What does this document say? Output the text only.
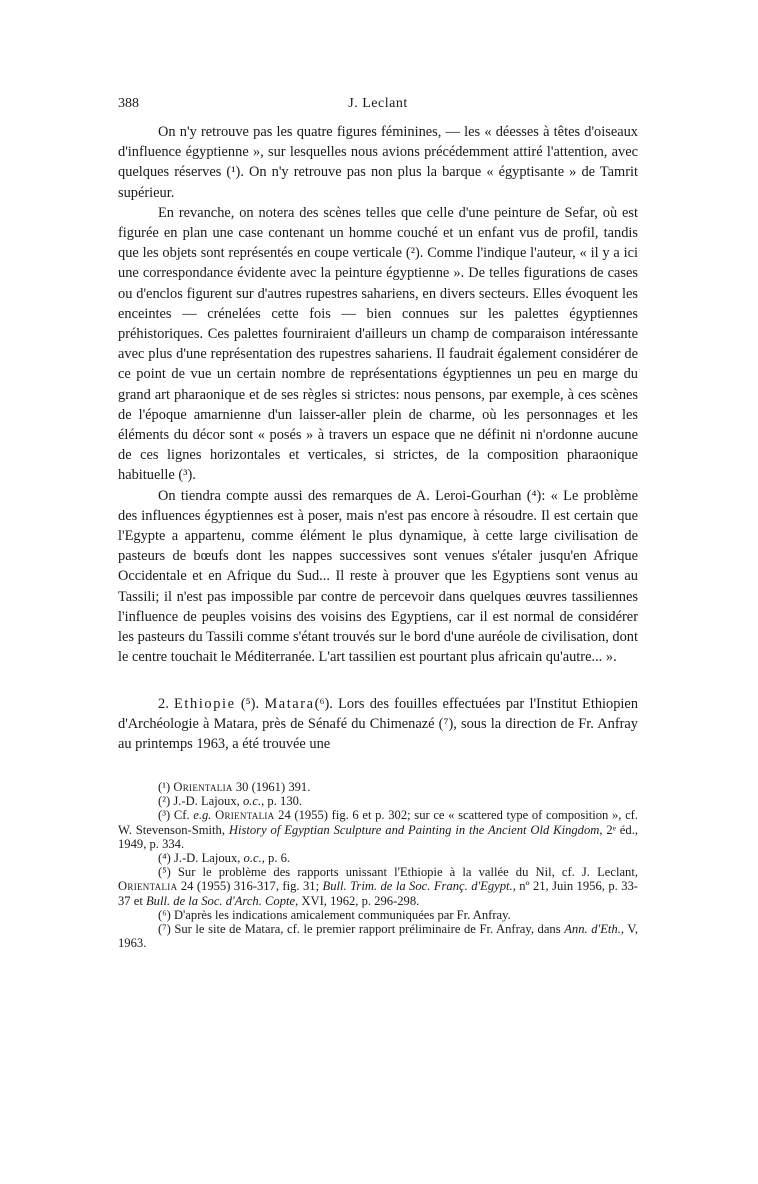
388	J. Leclant

On n'y retrouve pas les quatre figures féminines, — les « déesses à têtes d'oiseaux d'influence égyptienne », sur lesquelles nous avions précédemment attiré l'attention, avec quelques réserves (¹). On n'y retrouve pas non plus la barque « égyptisante » de Tamrit supérieur.

En revanche, on notera des scènes telles que celle d'une peinture de Sefar, où est figurée en plan une case contenant un homme couché et un enfant vus de profil, tandis que les objets sont représentés en coupe verticale (²). Comme l'indique l'auteur, « il y a ici une correspondance évidente avec la peinture égyptienne ». De telles figurations de cases ou d'enclos figurent sur d'autres rupestres sahariens, en divers secteurs. Elles évoquent les enceintes — crénelées cette fois — bien connues sur les palettes égyptiennes préhistoriques. Ces palettes fourniraient d'ailleurs un champ de comparaison intéressante avec plus d'une représentation des rupestres sahariens. Il faudrait également considérer de ce point de vue un certain nombre de représentations égyptiennes un peu en marge du grand art pharaonique et de ses règles si strictes: nous pensons, par exemple, à ces scènes de l'époque amarnienne d'un laisser-aller plein de charme, où les personnages et les éléments du décor sont « posés » à travers un espace que ne définit ni n'ordonne aucune de ces lignes horizontales et verticales, si strictes, de la composition pharaonique habituelle (³).

On tiendra compte aussi des remarques de A. Leroi-Gourhan (⁴): « Le problème des influences égyptiennes est à poser, mais n'est pas encore à résoudre. Il est certain que l'Egypte a appartenu, comme élément le plus dynamique, à cette large civilisation de pasteurs de bœufs dont les nappes successives sont venues s'étaler jusqu'en Afrique Occidentale et en Afrique du Sud... Il reste à prouver que les Egyptiens sont venus au Tassili; il n'est pas impossible par contre de percevoir dans quelques œuvres tassiliennes l'influence de peuples voisins des voisins des Egyptiens, car il est normal de considérer les pasteurs du Tassili comme s'étant trouvés sur le bord d'une auréole de civilisation, dont le centre touchait le Méditerranée. L'art tassilien est pourtant plus africain qu'autre... ».

2. Ethiopie (⁵). Matara(⁶). Lors des fouilles effectuées par l'Institut Ethiopien d'Archéologie à Matara, près de Sénafé du Chimenazé (⁷), sous la direction de Fr. Anfray au printemps 1963, a été trouvée une

(¹) Orientalia 30 (1961) 391.

(²) J.-D. Lajoux, o.c., p. 130.

(³) Cf. e.g. Orientalia 24 (1955) fig. 6 et p. 302; sur ce « scattered type of composition », cf. W. Stevenson-Smith, History of Egyptian Sculpture and Painting in the Ancient Old Kingdom, 2ᵉ éd., 1949, p. 334.

(⁴) J.-D. Lajoux, o.c., p. 6.

(⁵) Sur le problème des rapports unissant l'Ethiopie à la vallée du Nil, cf. J. Leclant, Orientalia 24 (1955) 316-317, fig. 31; Bull. Trim. de la Soc. Franç. d'Egypt., nº 21, Juin 1956, p. 33-37 et Bull. de la Soc. d'Arch. Copte, XVI, 1962, p. 296-298.

(⁶) D'après les indications amicalement communiquées par Fr. Anfray.

(⁷) Sur le site de Matara, cf. le premier rapport préliminaire de Fr. Anfray, dans Ann. d'Eth., V, 1963.
